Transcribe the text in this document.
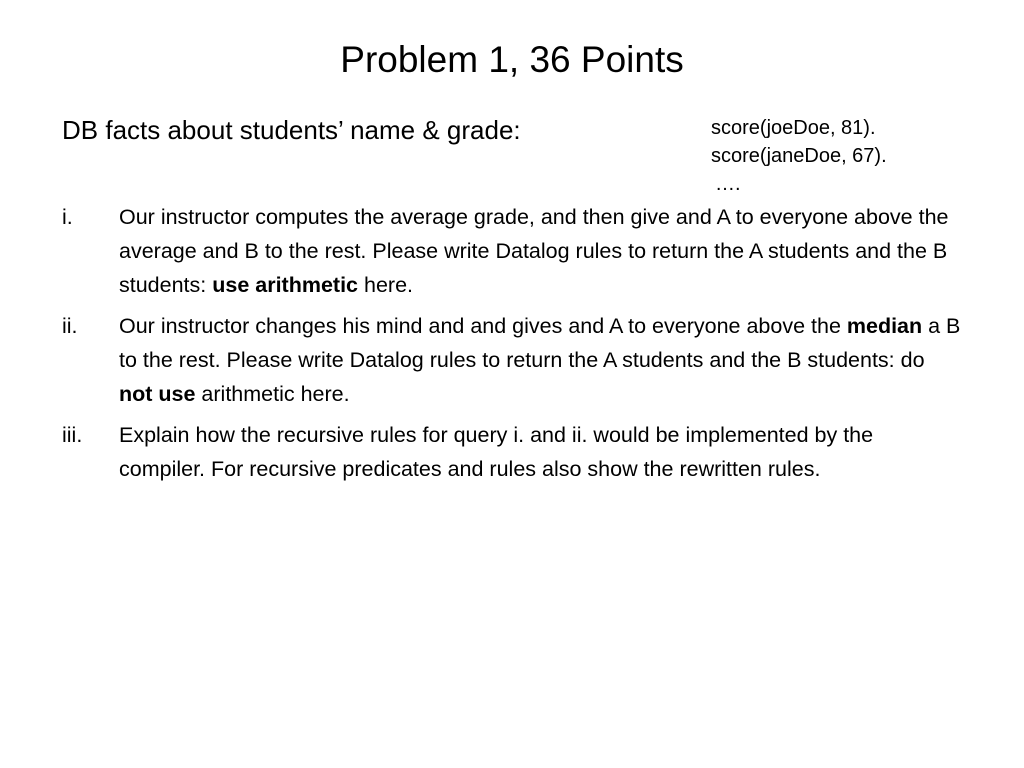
Problem 1, 36 Points
DB facts about students’ name & grade:	score(joeDoe, 81).
score(janeDoe, 67).
….
i. Our instructor computes the average grade, and then give and A to everyone above the average and B to the rest. Please write Datalog rules to return the A students and the B students: use arithmetic here.
ii. Our instructor changes his mind and and gives and A to everyone above the median a B to the rest. Please write Datalog rules to return the A students and the B students: do not use arithmetic here.
iii. Explain how the recursive rules for query i. and ii. would be implemented by the compiler. For recursive predicates and rules also show the rewritten rules.
